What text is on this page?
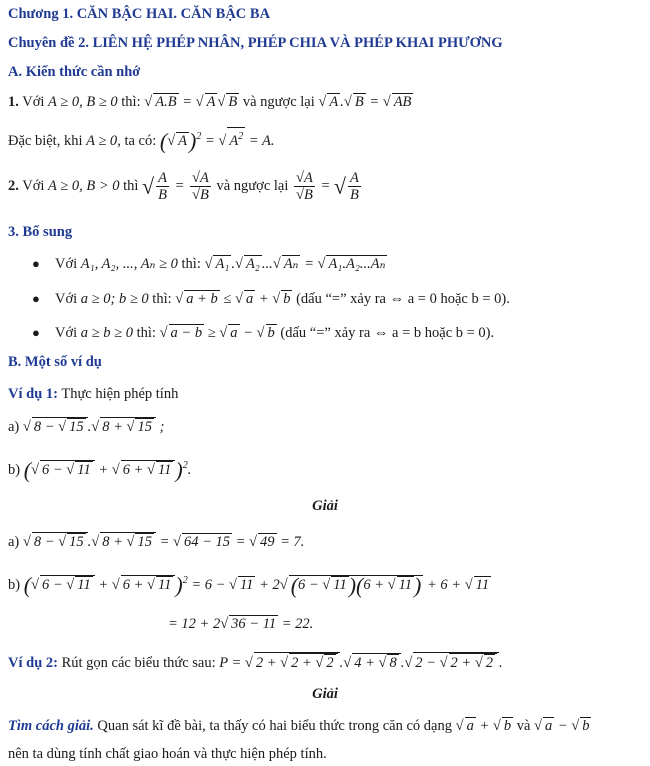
Chương 1. CĂN BẬC HAI. CĂN BẬC BA
Chuyên đề 2. LIÊN HỆ PHÉP NHÂN, PHÉP CHIA VÀ PHÉP KHAI PHƯƠNG
A. Kiến thức cần nhớ
1. Với A ≥ 0, B ≥ 0 thì: √ A.B = √ A √ B và ngược lại √ A .√ B = √ AB
Đặc biệt, khi A ≥ 0, ta có: (√ A)$^2$ = √ $A^2 = A$.
2. Với A ≥ 0, B > 0 thì √ $\frac{A}{B} = \frac{√A}{√B}$ và ngược lại $\frac{√A}{√B}$ = √ $\frac{A}{B}$
3. Bổ sung
● Với A₁, A₂, ..., Aₙ ≥ 0 thì: √ A₁ .√ A₂ ...√ Aₙ = √ A₁.A₂...Aₙ
● Với a ≥ 0; b ≥ 0 thì: √ a + b ≤ √ a + √ b (dấu “=” xảy ra ⇔ a = 0 hoặc b = 0).
● Với a ≥ b ≥ 0 thì: √ a − b ≥ √ a − √ b (dấu “=” xảy ra ⇔ a = b hoặc b = 0).
B. Một số ví dụ
Ví dụ 1: Thực hiện phép tính
a) √ 8 − √ 15 .√ 8 + √ 15 ;
b) (√ 6 − √ 11 + √ 6 + √ 11 )$^2$.
Giải
a) √ 8 − √ 15 .√ 8 + √ 15 = √ 64 − 15 = √ 49 = 7.
b) (√ 6 − √ 11 + √ 6 + √ 11 )$^2$ = 6 − √ 11 + 2√ (6 − √ 11)(6 + √ 11) + 6 + √ 11
= 12 + 2√ 36 − 11 = 22.
Ví dụ 2: Rút gọn các biểu thức sau: P = √ 2 + √ 2 + √ 2 .√ 4 + √ 8 .√ 2 − √ 2 + √ 2 .
Giải
Tìm cách giải. Quan sát kĩ đề bài, ta thấy có hai biểu thức trong căn có dạng √ a + √ b và √ a − √ b
nên ta dùng tính chất giao hoán và thực hiện phép tính.
